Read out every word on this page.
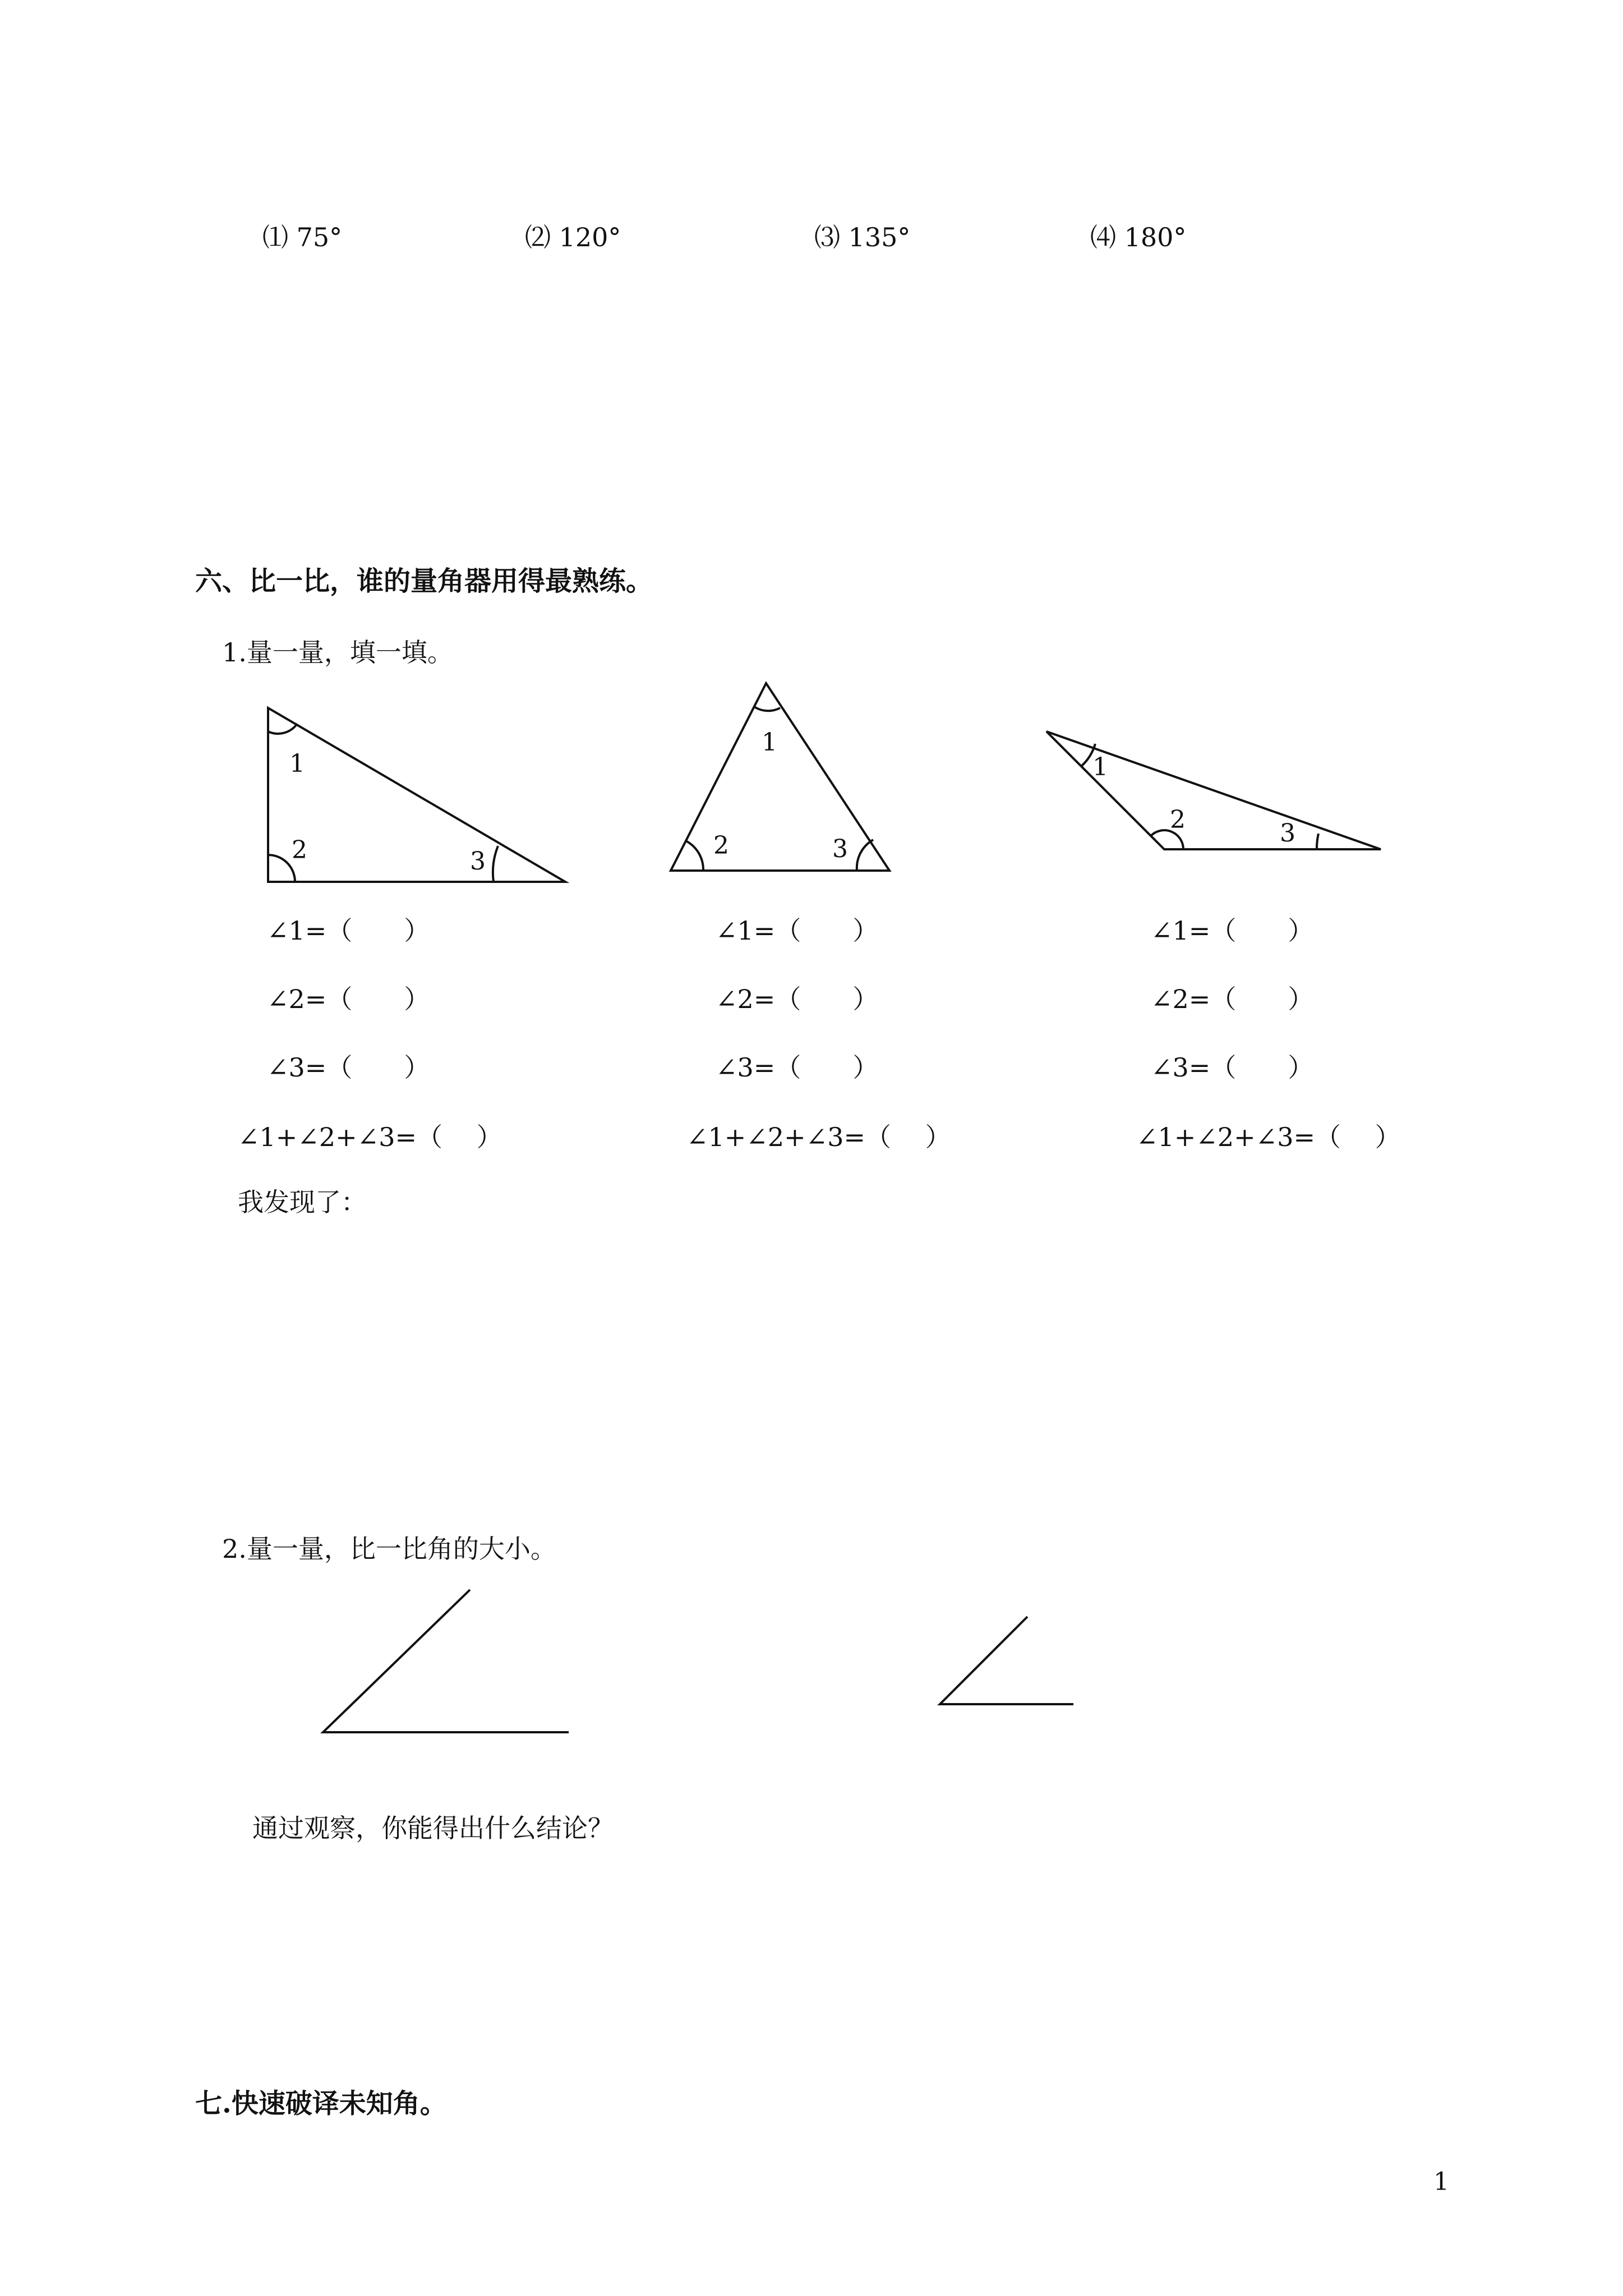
⑴ 75°	⑵ 120°	⑶ 135°	⑷ 180°
六、比一比，谁的量角器用得最熟练。
1.量一量，填一填。
1
2	3
1
2	3
1
2	3
∠1=（　　）
∠2=（　　）
∠3=（　　）
∠1+∠2+∠3=（　 ）
∠1=（　　）
∠2=（　　）
∠3=（　　）
∠1+∠2+∠3=（　 ）
∠1=（　　）
∠2=（　　）
∠3=（　　）
∠1+∠2+∠3=（　 ）
我发现了：
2.量一量，比一比角的大小。
通过观察，你能得出什么结论？
七.快速破译未知角。
1
